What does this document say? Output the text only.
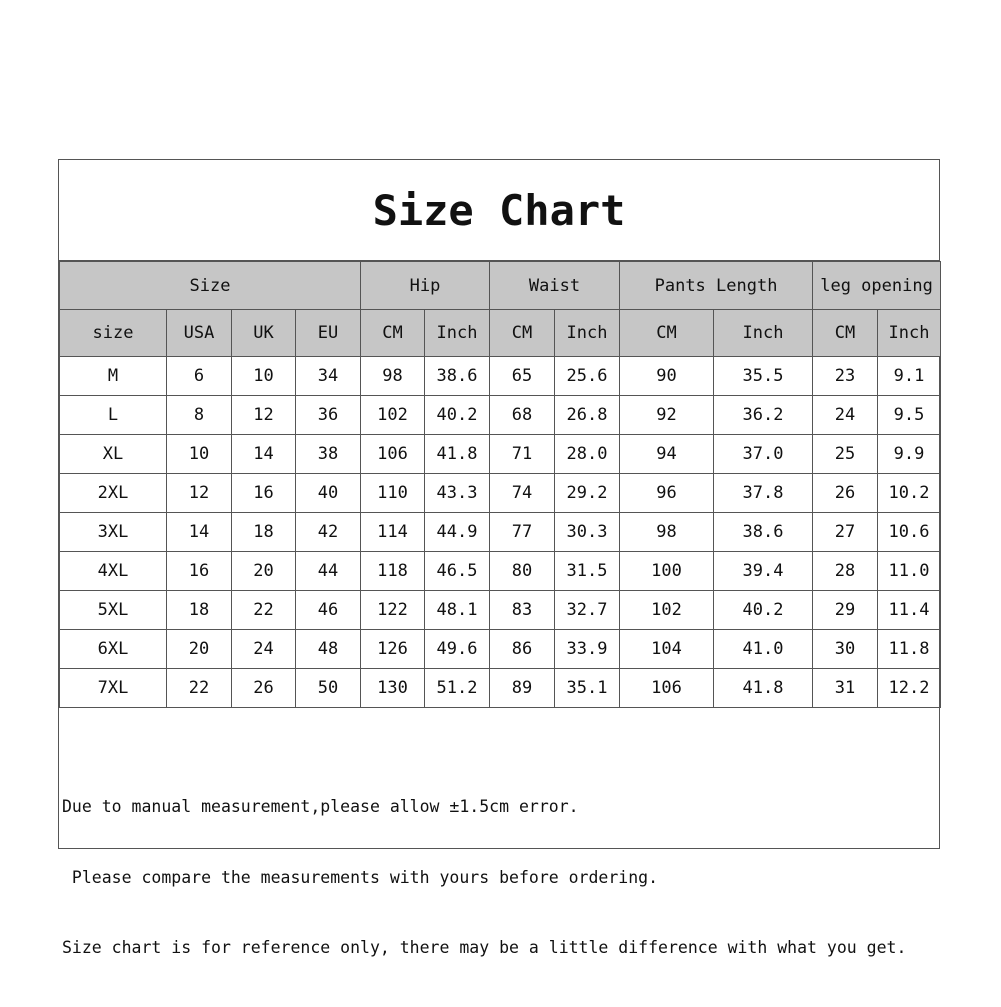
Size Chart
Size				Hip		Waist		Pants Length		leg opening	
size	USA	UK	EU	CM	Inch	CM	Inch	CM	Inch	CM	Inch
M	6	10	34	98	38.6	65	25.6	90	35.5	23	9.1
L	8	12	36	102	40.2	68	26.8	92	36.2	24	9.5
XL	10	14	38	106	41.8	71	28.0	94	37.0	25	9.9
2XL	12	16	40	110	43.3	74	29.2	96	37.8	26	10.2
3XL	14	18	42	114	44.9	77	30.3	98	38.6	27	10.6
4XL	16	20	44	118	46.5	80	31.5	100	39.4	28	11.0
5XL	18	22	46	122	48.1	83	32.7	102	40.2	29	11.4
6XL	20	24	48	126	49.6	86	33.9	104	41.0	30	11.8
7XL	22	26	50	130	51.2	89	35.1	106	41.8	31	12.2

Due to manual measurement,please allow ±1.5cm error.

Please compare the measurements with yours before ordering.

Size chart is for reference only, there may be a little difference with what you get.
